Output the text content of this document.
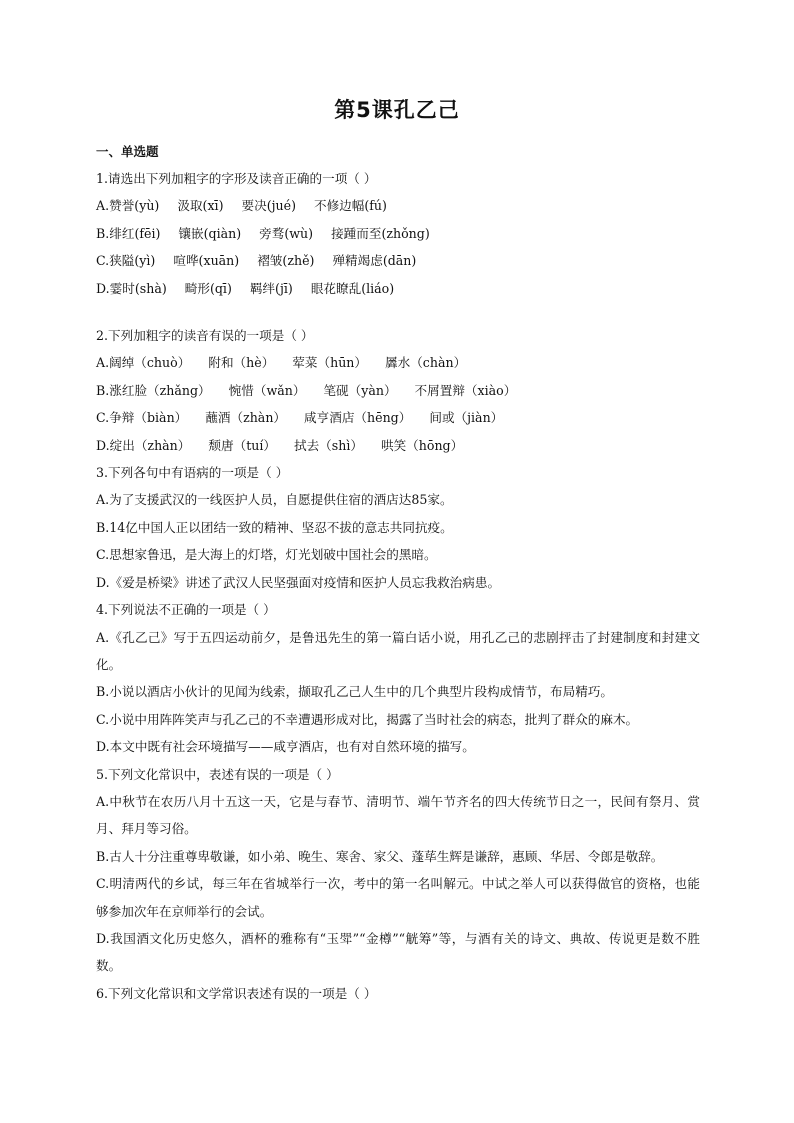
第5课孔乙己
一、单选题
1.请选出下列加粗字的字形及读音正确的一项（ ）
A.赞誉(yù) 汲取(xī) 要决(jué) 不修边幅(fú)
B.绯红(fēi) 镶嵌(qiàn) 旁骛(wù) 接踵而至(zhǒng)
C.狭隘(yì) 喧哗(xuān) 褶皱(zhě) 殚精竭虑(dān)
D.霎时(shà) 畸形(qī) 羁绊(jī) 眼花瞭乱(liáo)
2.下列加粗字的读音有误的一项是（ ）
A.阔绰（chuò） 附和（hè） 荤菜（hūn） 羼水（chàn）
B.涨红脸（zhǎng） 惋惜（wǎn） 笔砚（yàn） 不屑置辩（xiào）
C.争辩（biàn） 蘸酒（zhàn） 咸亨酒店（hēng） 间或（jiàn）
D.绽出（zhàn） 颓唐（tuí） 拭去（shì） 哄笑（hōng）
3.下列各句中有语病的一项是（ ）
A.为了支援武汉的一线医护人员，自愿提供住宿的酒店达85家。
B.14亿中国人正以团结一致的精神、坚忍不拔的意志共同抗疫。
C.思想家鲁迅，是大海上的灯塔，灯光划破中国社会的黑暗。
D.《爱是桥梁》讲述了武汉人民坚强面对疫情和医护人员忘我救治病患。
4.下列说法不正确的一项是（ ）
A.《孔乙己》写于五四运动前夕，是鲁迅先生的第一篇白话小说，用孔乙己的悲剧抨击了封建制度和封建文化。
B.小说以酒店小伙计的见闻为线索，撷取孔乙己人生中的几个典型片段构成情节，布局精巧。
C.小说中用阵阵笑声与孔乙己的不幸遭遇形成对比，揭露了当时社会的病态，批判了群众的麻木。
D.本文中既有社会环境描写——咸亨酒店，也有对自然环境的描写。
5.下列文化常识中，表述有误的一项是（ ）
A.中秋节在农历八月十五这一天，它是与春节、清明节、端午节齐名的四大传统节日之一，民间有祭月、赏月、拜月等习俗。
B.古人十分注重尊卑敬谦，如小弟、晚生、寒舍、家父、蓬荜生辉是谦辞，惠顾、华居、令郎是敬辞。
C.明清两代的乡试，每三年在省城举行一次，考中的第一名叫解元。中试之举人可以获得做官的资格，也能够参加次年在京师举行的会试。
D.我国酒文化历史悠久，酒杯的雅称有“玉斝”“金樽”“觥筹”等，与酒有关的诗文、典故、传说更是数不胜数。
6.下列文化常识和文学常识表述有误的一项是（ ）
